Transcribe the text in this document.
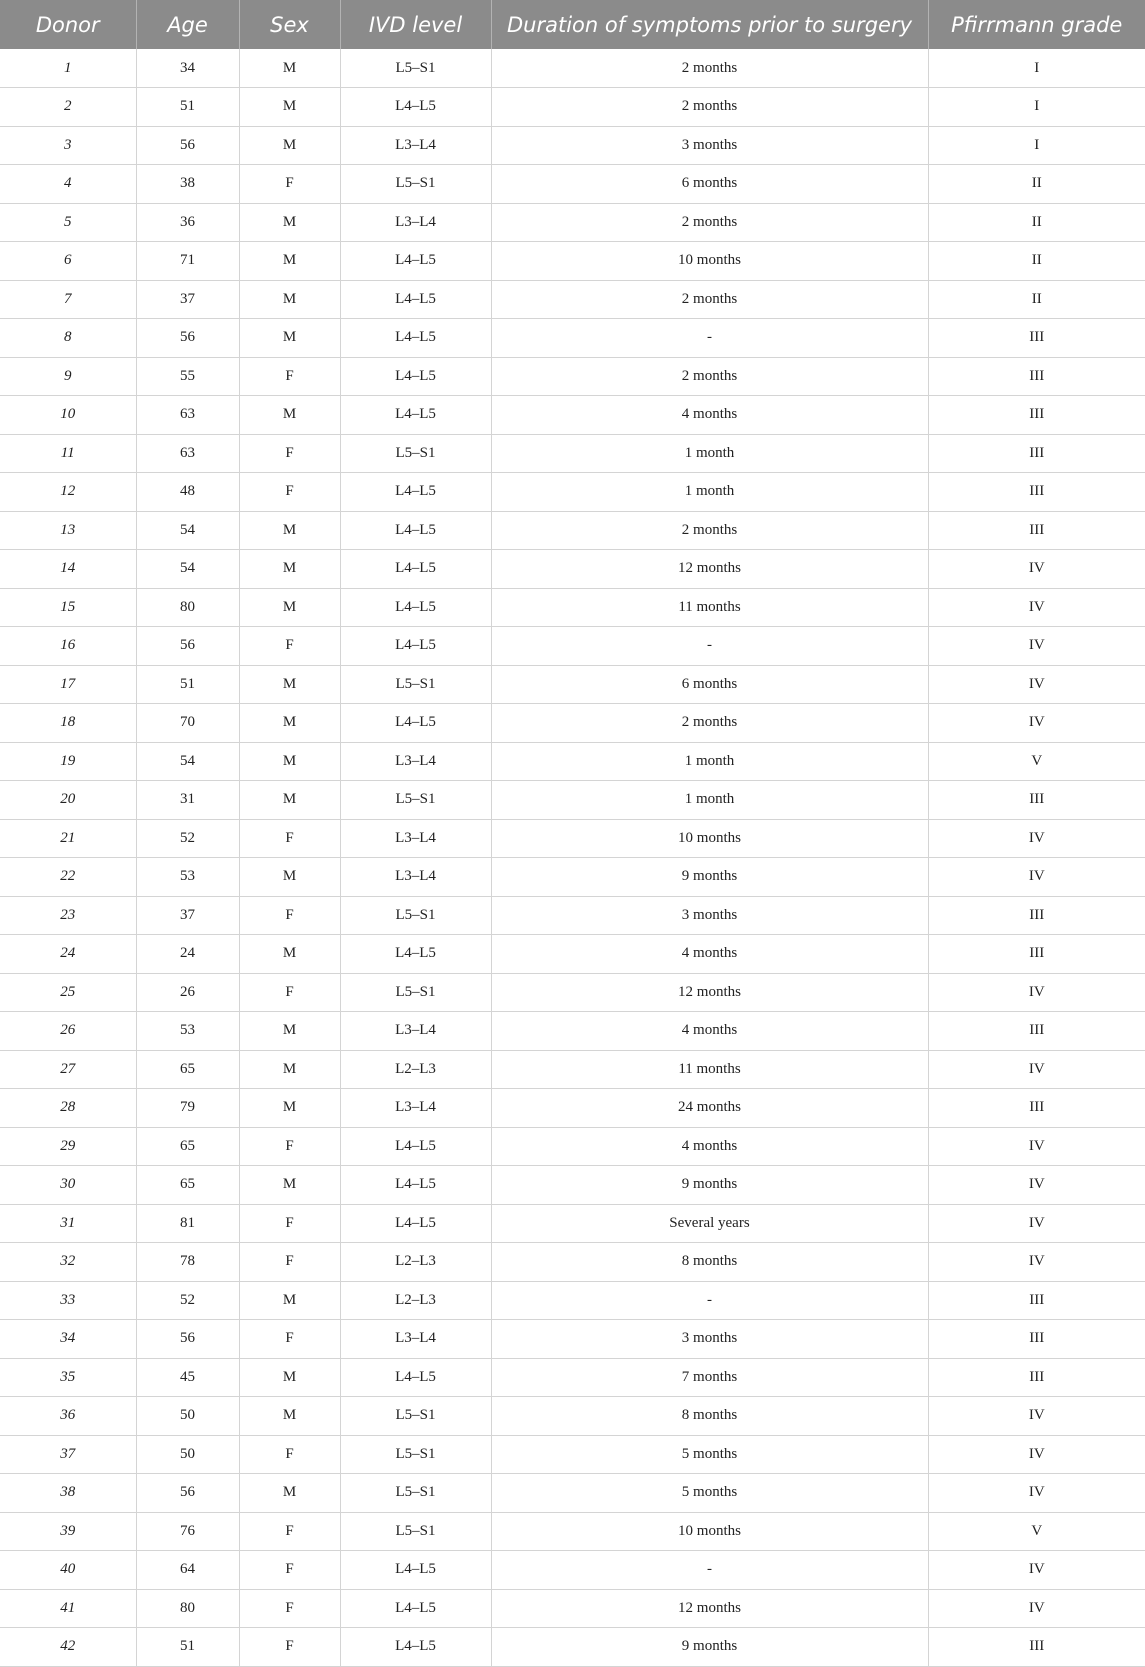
Donor	Age	Sex	IVD level	Duration of symptoms prior to surgery	Pfirrmann grade
1	34	M	L5–S1	2 months	I
2	51	M	L4–L5	2 months	I
3	56	M	L3–L4	3 months	I
4	38	F	L5–S1	6 months	II
5	36	M	L3–L4	2 months	II
6	71	M	L4–L5	10 months	II
7	37	M	L4–L5	2 months	II
8	56	M	L4–L5	-	III
9	55	F	L4–L5	2 months	III
10	63	M	L4–L5	4 months	III
11	63	F	L5–S1	1 month	III
12	48	F	L4–L5	1 month	III
13	54	M	L4–L5	2 months	III
14	54	M	L4–L5	12 months	IV
15	80	M	L4–L5	11 months	IV
16	56	F	L4–L5	-	IV
17	51	M	L5–S1	6 months	IV
18	70	M	L4–L5	2 months	IV
19	54	M	L3–L4	1 month	V
20	31	M	L5–S1	1 month	III
21	52	F	L3–L4	10 months	IV
22	53	M	L3–L4	9 months	IV
23	37	F	L5–S1	3 months	III
24	24	M	L4–L5	4 months	III
25	26	F	L5–S1	12 months	IV
26	53	M	L3–L4	4 months	III
27	65	M	L2–L3	11 months	IV
28	79	M	L3–L4	24 months	III
29	65	F	L4–L5	4 months	IV
30	65	M	L4–L5	9 months	IV
31	81	F	L4–L5	Several years	IV
32	78	F	L2–L3	8 months	IV
33	52	M	L2–L3	-	III
34	56	F	L3–L4	3 months	III
35	45	M	L4–L5	7 months	III
36	50	M	L5–S1	8 months	IV
37	50	F	L5–S1	5 months	IV
38	56	M	L5–S1	5 months	IV
39	76	F	L5–S1	10 months	V
40	64	F	L4–L5	-	IV
41	80	F	L4–L5	12 months	IV
42	51	F	L4–L5	9 months	III
